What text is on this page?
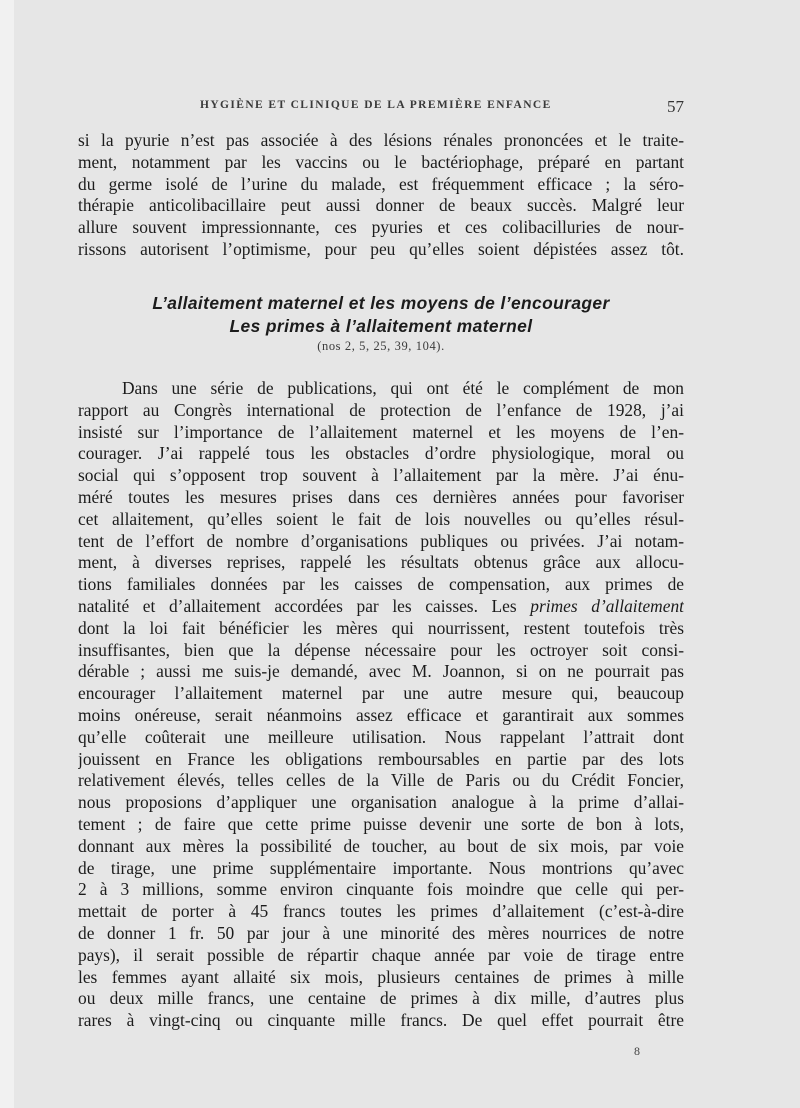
HYGIÈNE ET CLINIQUE DE LA PREMIÈRE ENFANCE	57
si la pyurie n’est pas associée à des lésions rénales prononcées et le traite-
ment, notamment par les vaccins ou le bactériophage, préparé en partant
du germe isolé de l’urine du malade, est fréquemment efficace ; la séro-
thérapie anticolibacillaire peut aussi donner de beaux succès. Malgré leur
allure souvent impressionnante, ces pyuries et ces colibacilluries de nour-
rissons autorisent l’optimisme, pour peu qu’elles soient dépistées assez tôt.
L’allaitement maternel et les moyens de l’encourager
Les primes à l’allaitement maternel
(nos 2, 5, 25, 39, 104).
Dans une série de publications, qui ont été le complément de mon
rapport au Congrès international de protection de l’enfance de 1928, j’ai
insisté sur l’importance de l’allaitement maternel et les moyens de l’en-
courager. J’ai rappelé tous les obstacles d’ordre physiologique, moral ou
social qui s’opposent trop souvent à l’allaitement par la mère. J’ai énu-
méré toutes les mesures prises dans ces dernières années pour favoriser
cet allaitement, qu’elles soient le fait de lois nouvelles ou qu’elles résul-
tent de l’effort de nombre d’organisations publiques ou privées. J’ai notam-
ment, à diverses reprises, rappelé les résultats obtenus grâce aux allocu-
tions familiales données par les caisses de compensation, aux primes de
natalité et d’allaitement accordées par les caisses. Les primes d’allaitement
dont la loi fait bénéficier les mères qui nourrissent, restent toutefois très
insuffisantes, bien que la dépense nécessaire pour les octroyer soit consi-
dérable ; aussi me suis-je demandé, avec M. Joannon, si on ne pourrait pas
encourager l’allaitement maternel par une autre mesure qui, beaucoup
moins onéreuse, serait néanmoins assez efficace et garantirait aux sommes
qu’elle coûterait une meilleure utilisation. Nous rappelant l’attrait dont
jouissent en France les obligations remboursables en partie par des lots
relativement élevés, telles celles de la Ville de Paris ou du Crédit Foncier,
nous proposions d’appliquer une organisation analogue à la prime d’allai-
tement ; de faire que cette prime puisse devenir une sorte de bon à lots,
donnant aux mères la possibilité de toucher, au bout de six mois, par voie
de tirage, une prime supplémentaire importante. Nous montrions qu’avec
2 à 3 millions, somme environ cinquante fois moindre que celle qui per-
mettait de porter à 45 francs toutes les primes d’allaitement (c’est-à-dire
de donner 1 fr. 50 par jour à une minorité des mères nourrices de notre
pays), il serait possible de répartir chaque année par voie de tirage entre
les femmes ayant allaité six mois, plusieurs centaines de primes à mille
ou deux mille francs, une centaine de primes à dix mille, d’autres plus
rares à vingt-cinq ou cinquante mille francs. De quel effet pourrait être
8
